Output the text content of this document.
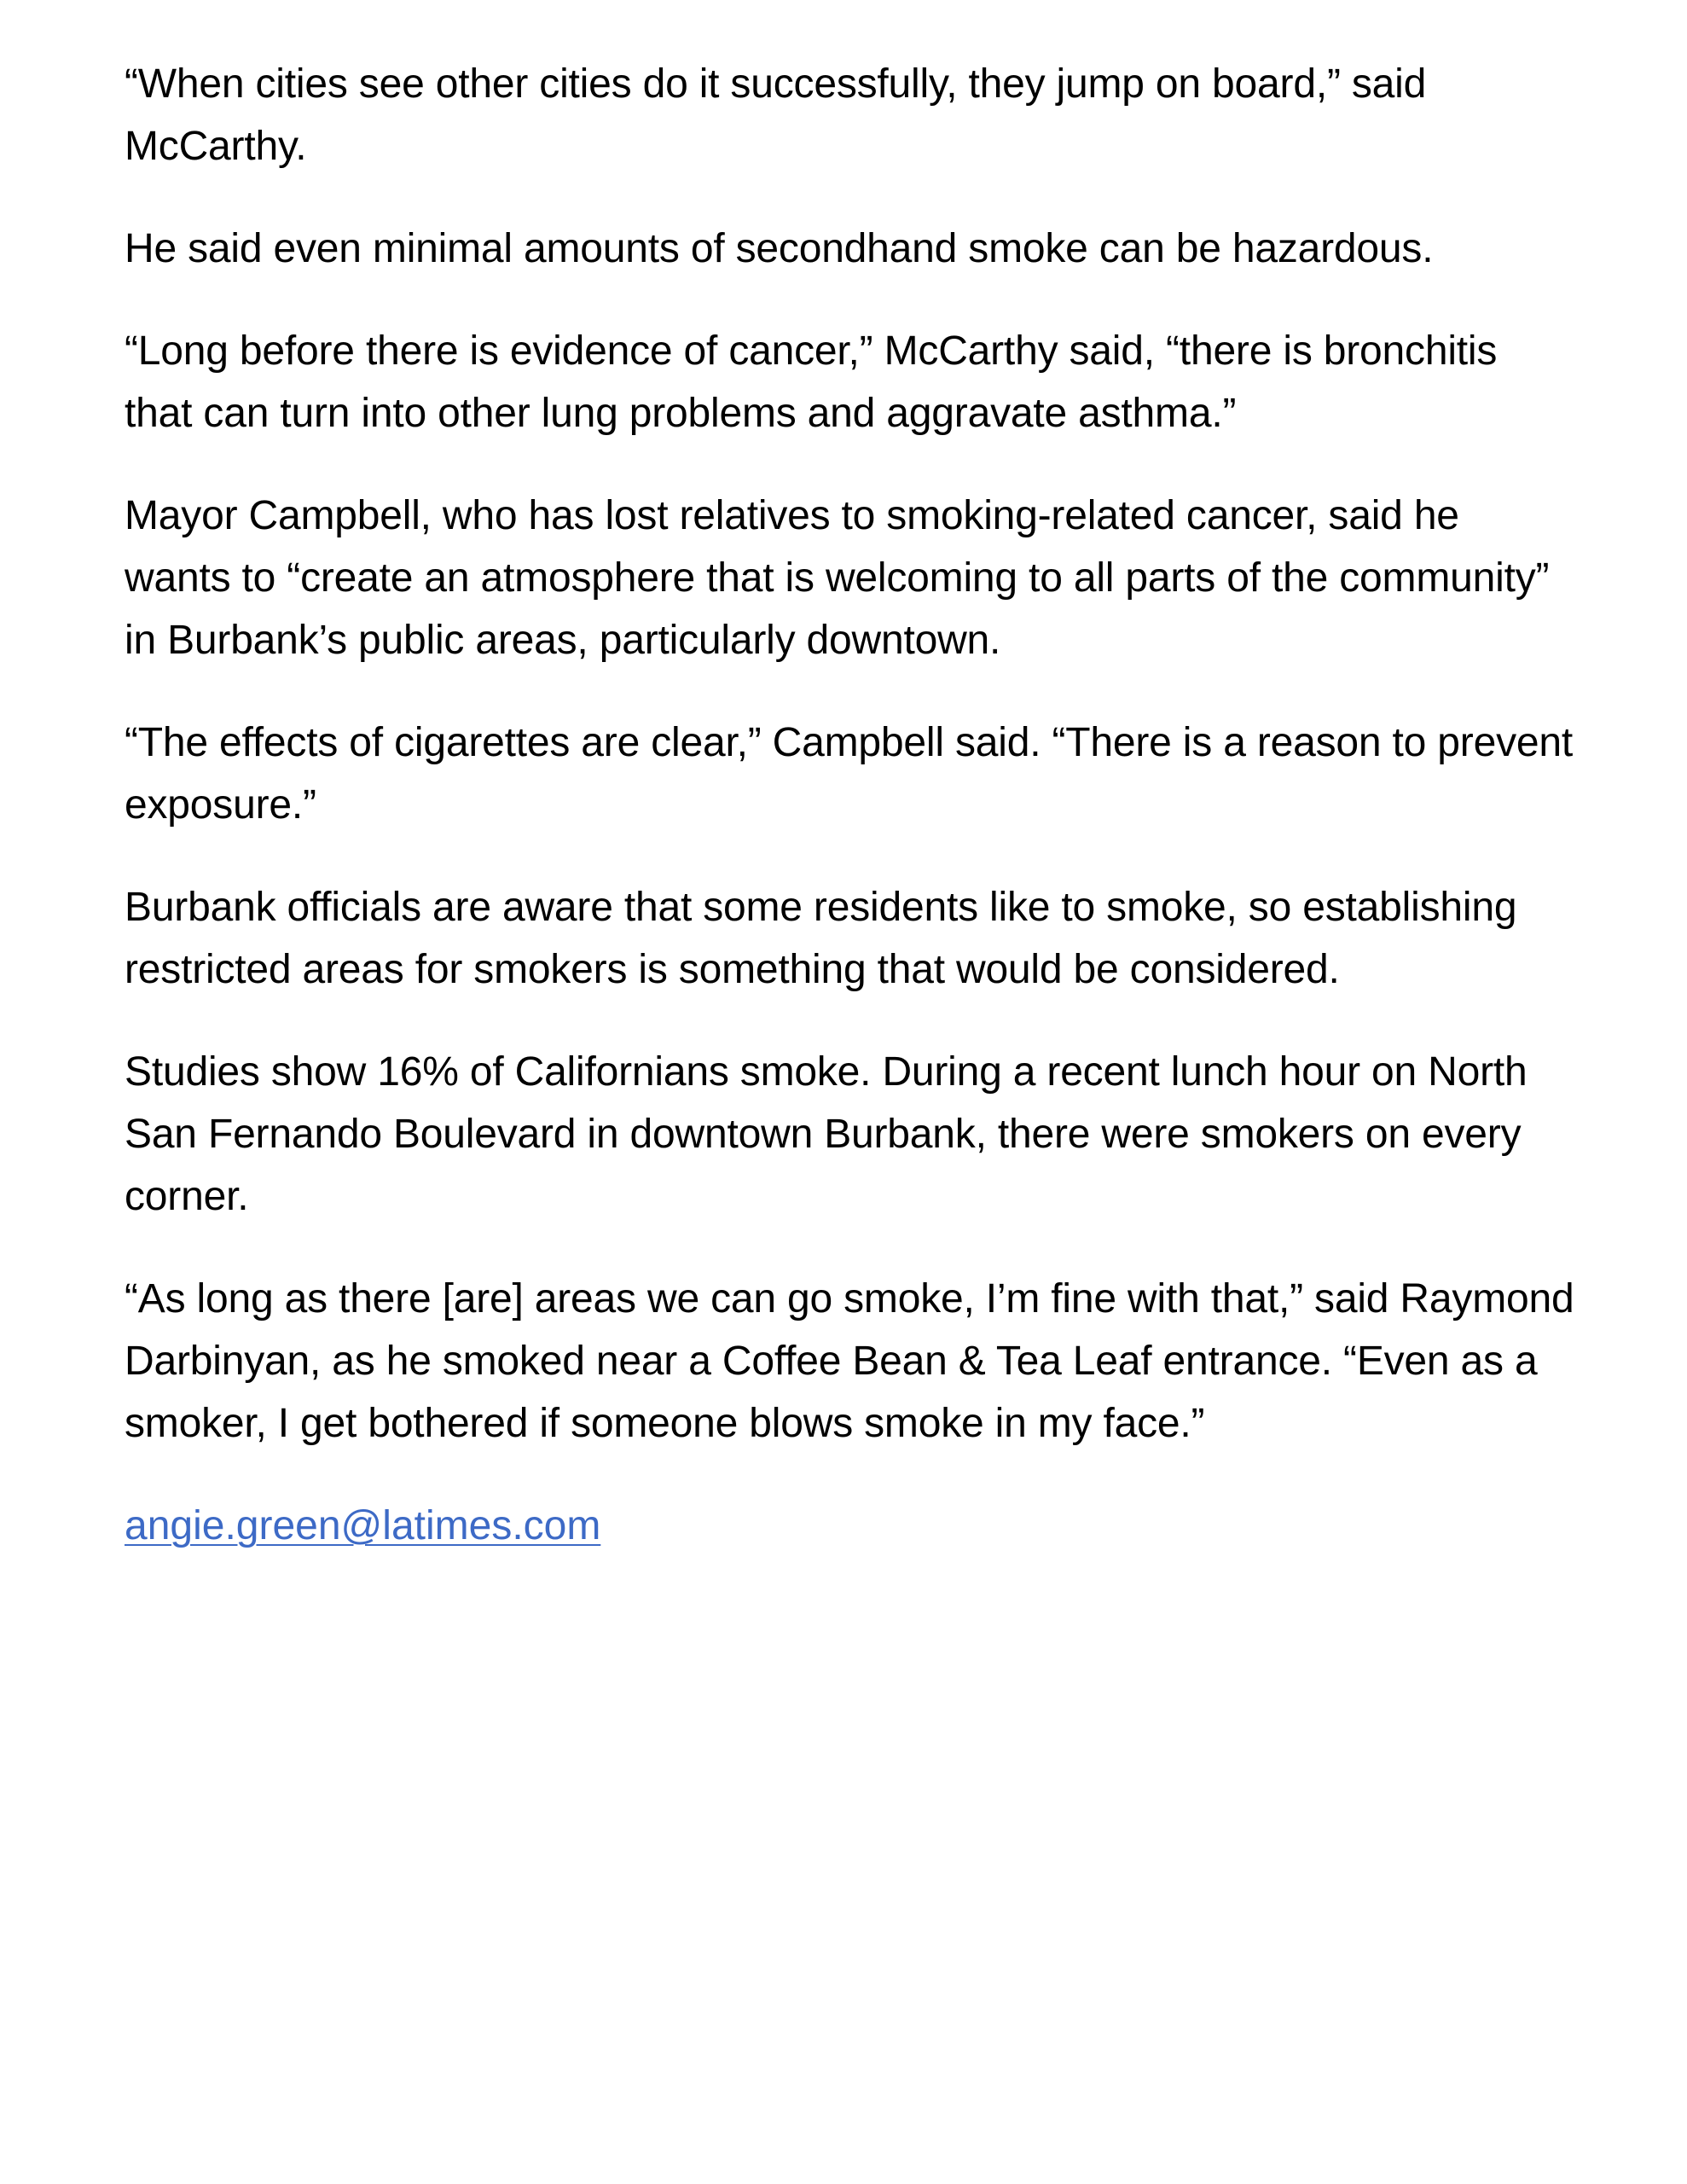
“When cities see other cities do it successfully, they jump on board,” said McCarthy.

He said even minimal amounts of secondhand smoke can be hazardous.

“Long before there is evidence of cancer,” McCarthy said, “there is bronchitis that can turn into other lung problems and aggravate asthma.”

Mayor Campbell, who has lost relatives to smoking-related cancer, said he wants to “create an atmosphere that is welcoming to all parts of the community” in Burbank’s public areas, particularly downtown.

“The effects of cigarettes are clear,” Campbell said. “There is a reason to prevent exposure.”

Burbank officials are aware that some residents like to smoke, so establishing restricted areas for smokers is something that would be considered.

Studies show 16% of Californians smoke. During a recent lunch hour on North San Fernando Boulevard in downtown Burbank, there were smokers on every corner.

“As long as there [are] areas we can go smoke, I’m fine with that,” said Raymond Darbinyan, as he smoked near a Coffee Bean & Tea Leaf entrance. “Even as a smoker, I get bothered if someone blows smoke in my face.”

angie.green@latimes.com
